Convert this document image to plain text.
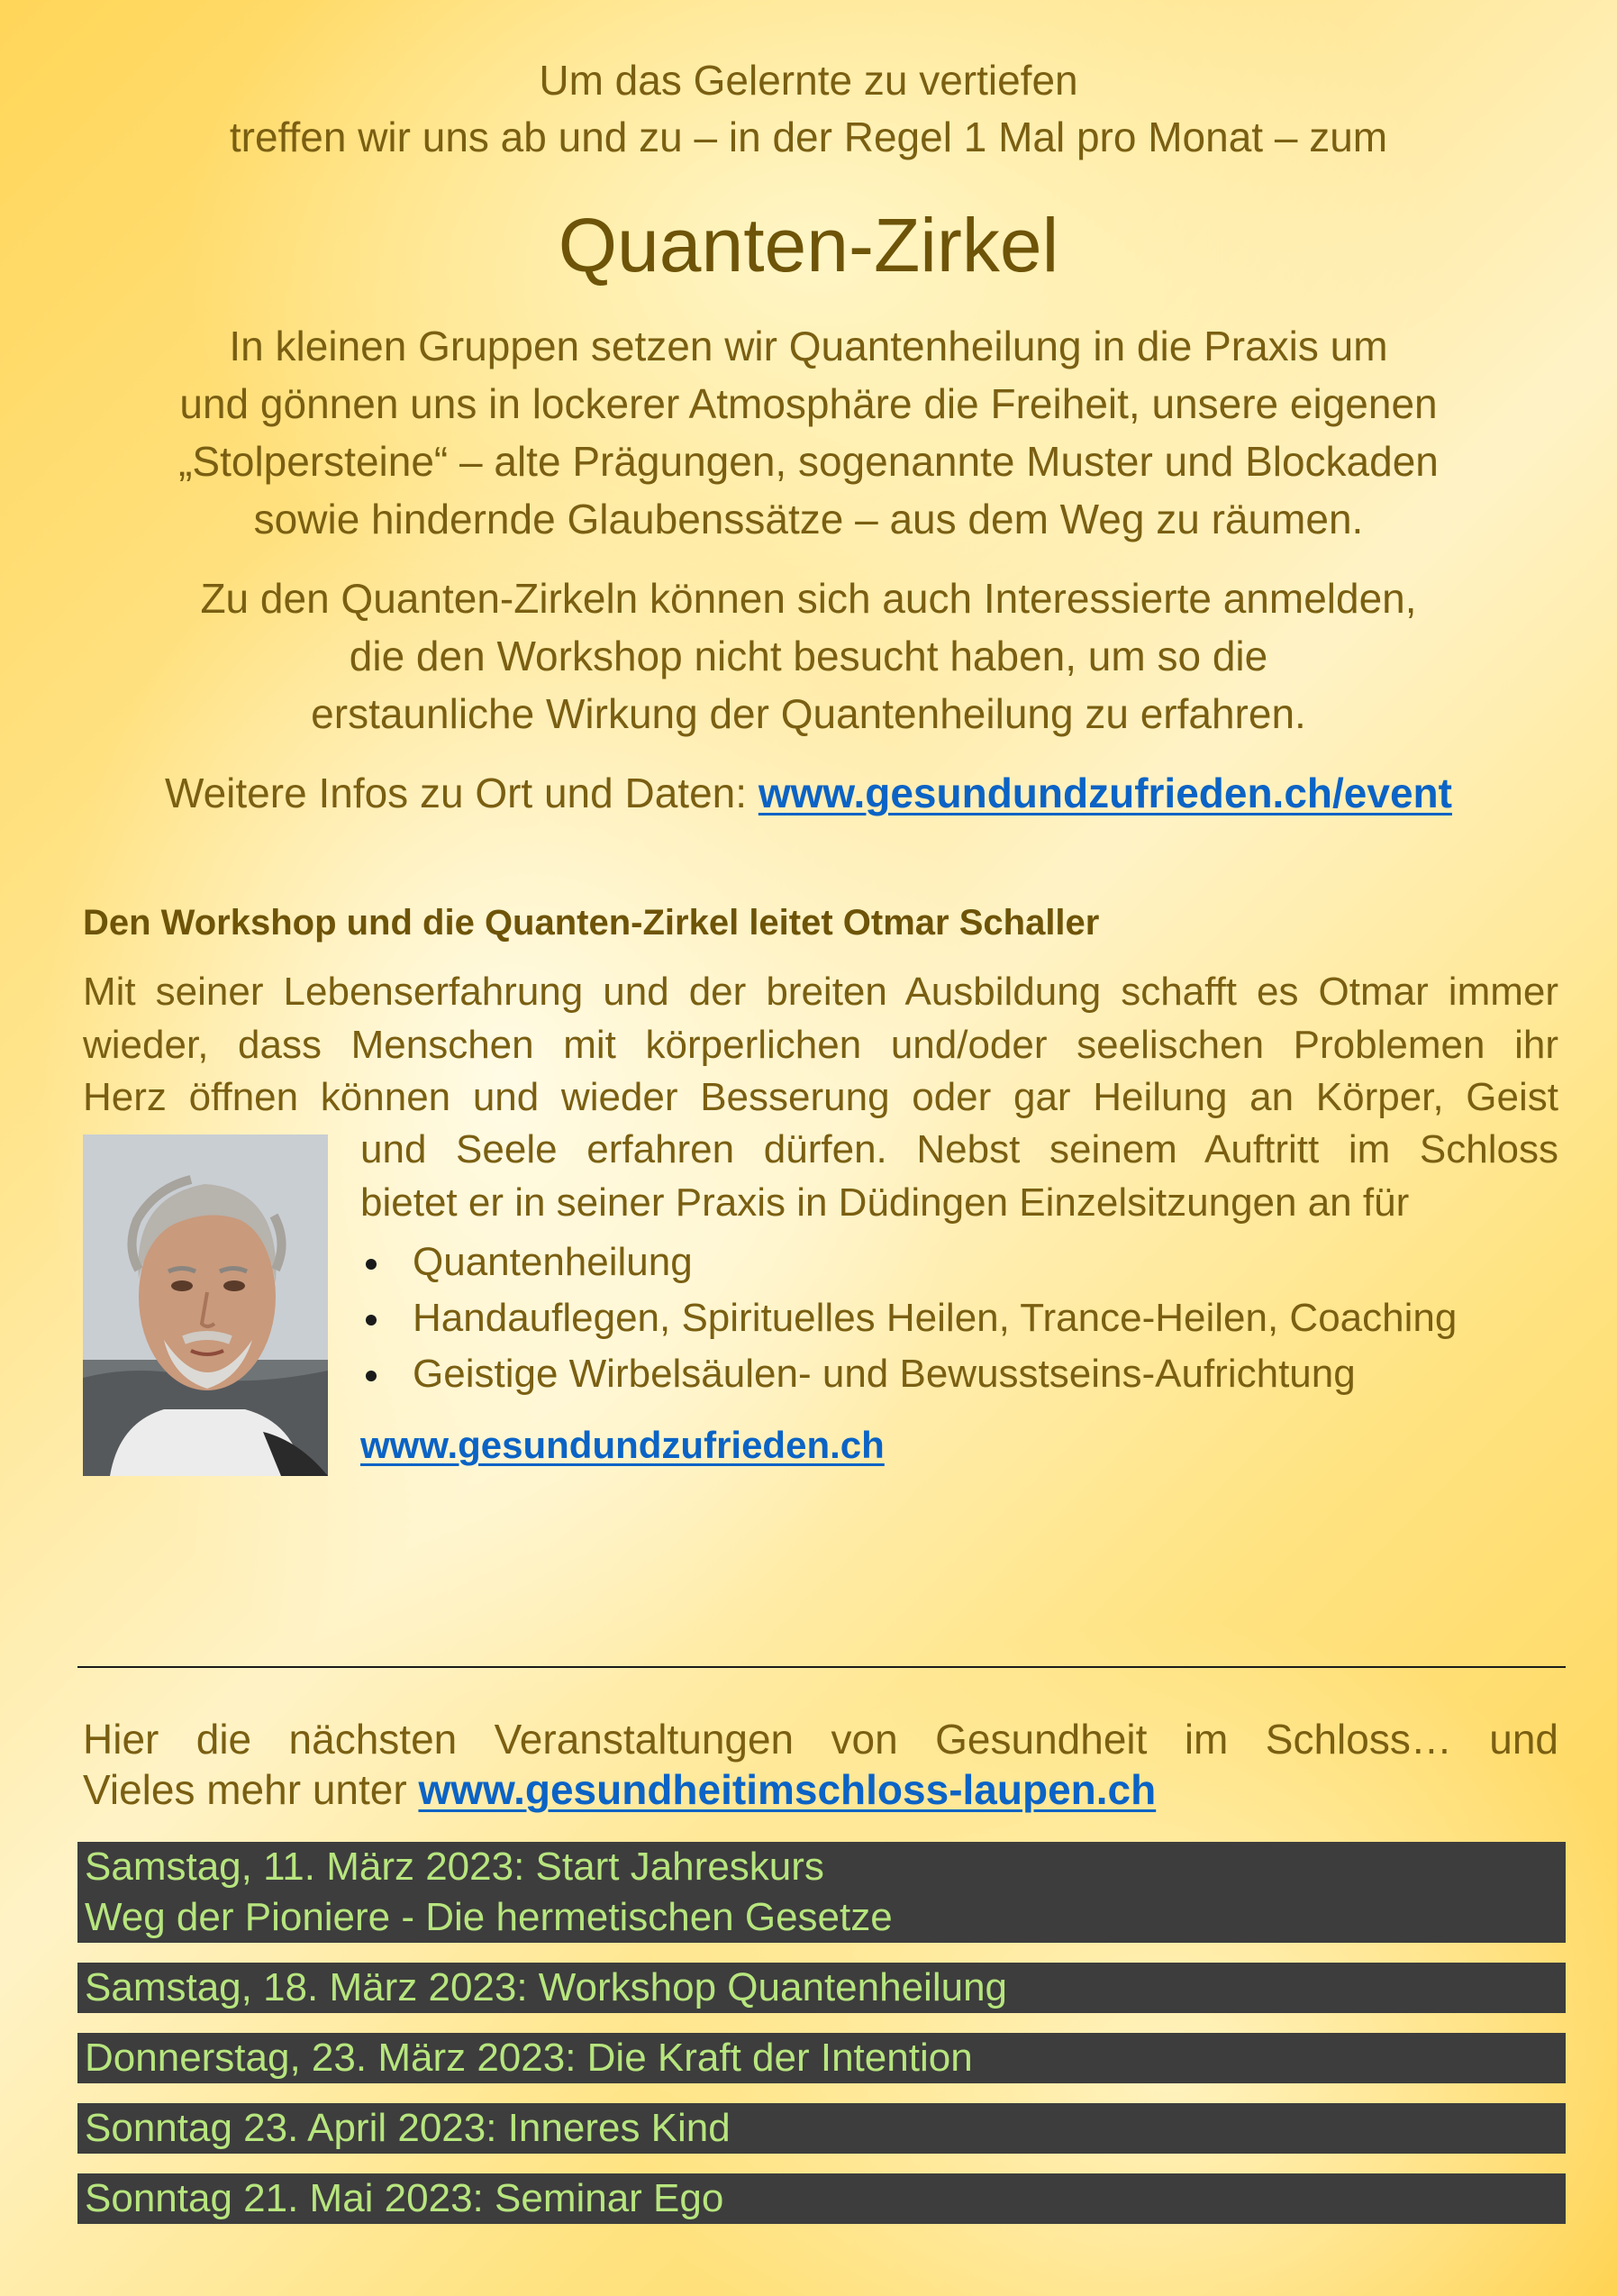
Um das Gelernte zu vertiefen
treffen wir uns ab und zu – in der Regel 1 Mal pro Monat – zum
Quanten-Zirkel
In kleinen Gruppen setzen wir Quantenheilung in die Praxis um
und gönnen uns in lockerer Atmosphäre die Freiheit, unsere eigenen
„Stolpersteine“ – alte Prägungen, sogenannte Muster und Blockaden
sowie hindernde Glaubenssätze – aus dem Weg zu räumen.
Zu den Quanten-Zirkeln können sich auch Interessierte anmelden,
die den Workshop nicht besucht haben, um so die
erstaunliche Wirkung der Quantenheilung zu erfahren.
Weitere Infos zu Ort und Daten: www.gesundundzufrieden.ch/event
Den Workshop und die Quanten-Zirkel leitet Otmar Schaller
Mit seiner Lebenserfahrung und der breiten Ausbildung schafft es Otmar immer
wieder, dass Menschen mit körperlichen und/oder seelischen Problemen ihr
Herz öffnen können und wieder Besserung oder gar Heilung an Körper, Geist
und Seele erfahren dürfen. Nebst seinem Auftritt im Schloss
bietet er in seiner Praxis in Düdingen Einzelsitzungen an für
Quantenheilung
Handauflegen, Spirituelles Heilen, Trance-Heilen, Coaching
Geistige Wirbelsäulen- und Bewusstseins-Aufrichtung
www.gesundundzufrieden.ch
Hier die nächsten Veranstaltungen von Gesundheit im Schloss… und
Vieles mehr unter www.gesundheitimschloss-laupen.ch
Samstag, 11. März 2023: Start Jahreskurs
Weg der Pioniere - Die hermetischen Gesetze
Samstag, 18. März 2023: Workshop Quantenheilung
Donnerstag, 23. März 2023: Die Kraft der Intention
Sonntag 23. April 2023: Inneres Kind
Sonntag 21. Mai 2023: Seminar Ego
